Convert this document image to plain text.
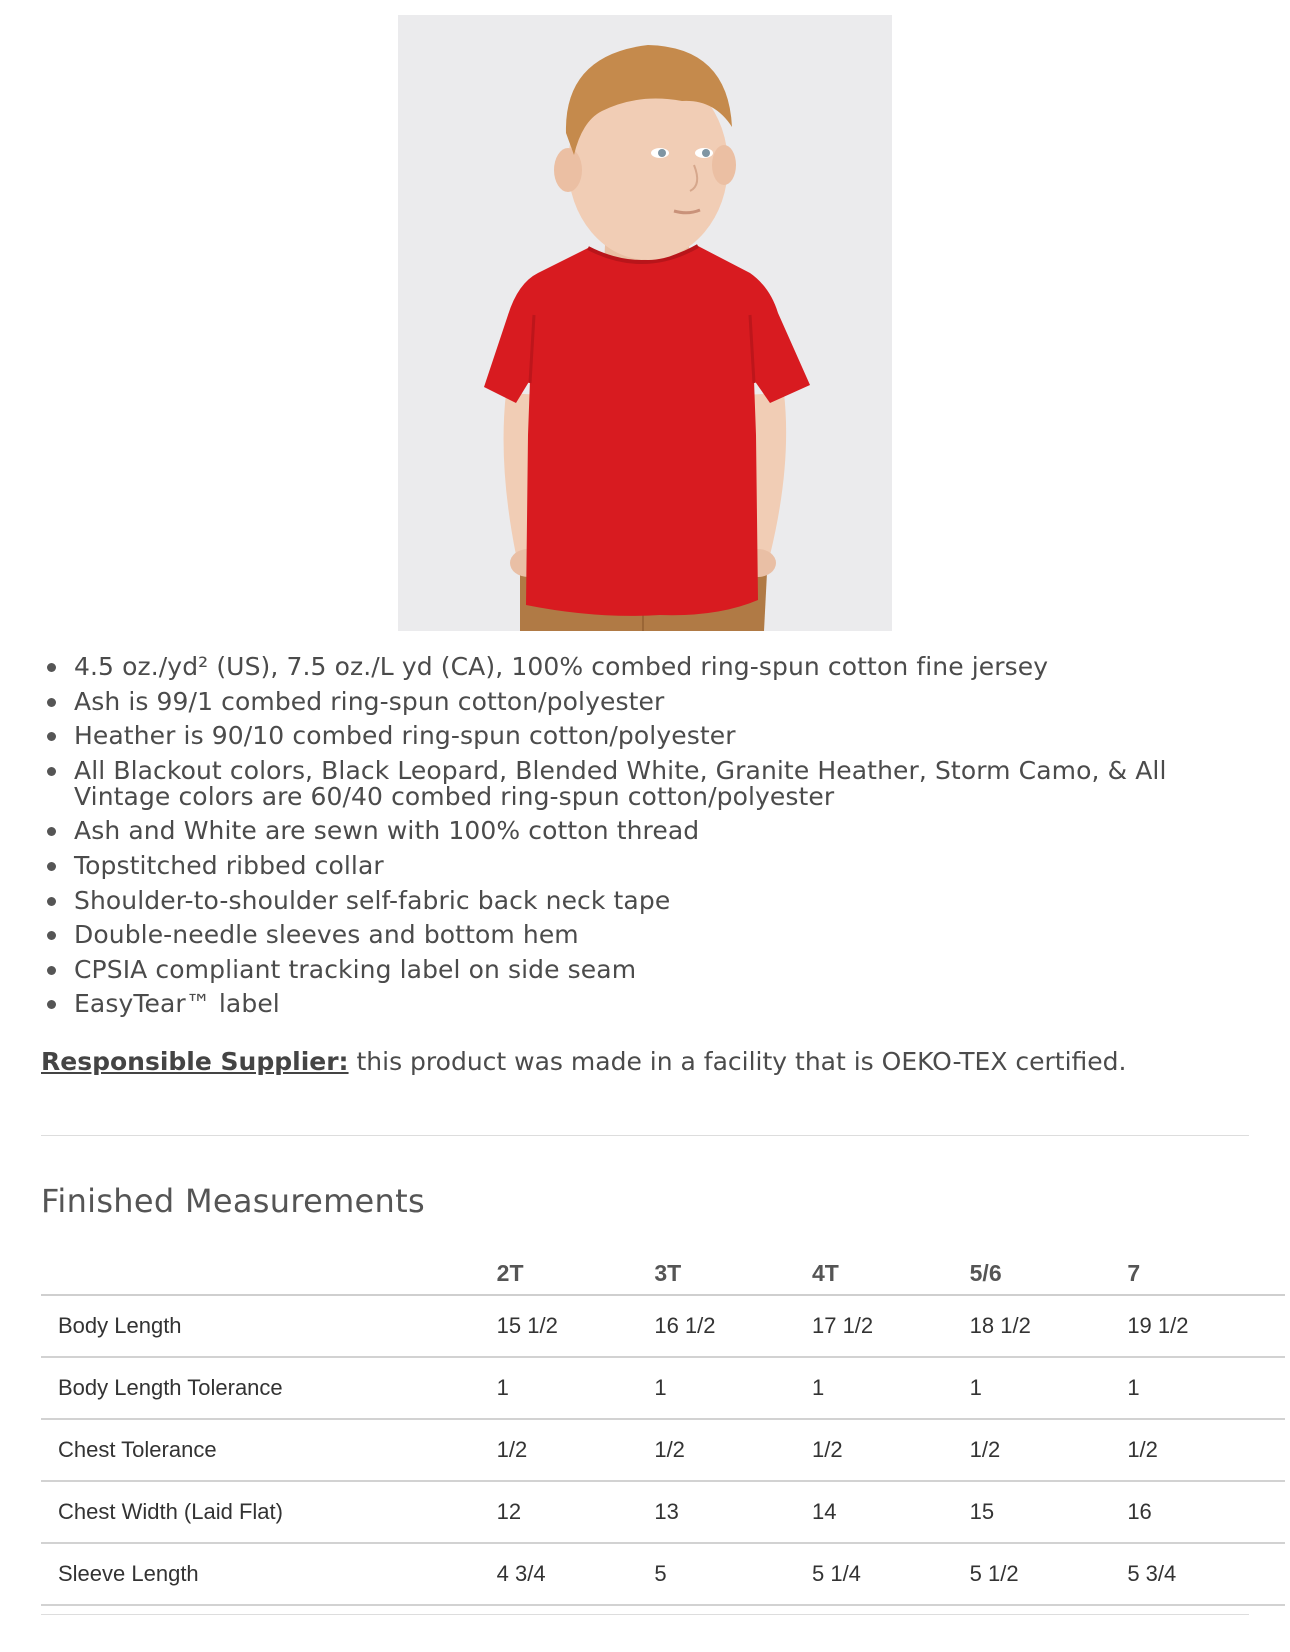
4.5 oz./yd² (US), 7.5 oz./L yd (CA), 100% combed ring-spun cotton fine jersey
Ash is 99/1 combed ring-spun cotton/polyester
Heather is 90/10 combed ring-spun cotton/polyester
All Blackout colors, Black Leopard, Blended White, Granite Heather, Storm Camo, & All Vintage colors are 60/40 combed ring-spun cotton/polyester
Ash and White are sewn with 100% cotton thread
Topstitched ribbed collar
Shoulder-to-shoulder self-fabric back neck tape
Double-needle sleeves and bottom hem
CPSIA compliant tracking label on side seam
EasyTear™ label
Responsible Supplier: this product was made in a facility that is OEKO-TEX certified.
Finished Measurements
	2T	3T	4T	5/6	7
Body Length	15 1/2	16 1/2	17 1/2	18 1/2	19 1/2
Body Length Tolerance	1	1	1	1	1
Chest Tolerance	1/2	1/2	1/2	1/2	1/2
Chest Width (Laid Flat)	12	13	14	15	16
Sleeve Length	4 3/4	5	5 1/4	5 1/2	5 3/4
